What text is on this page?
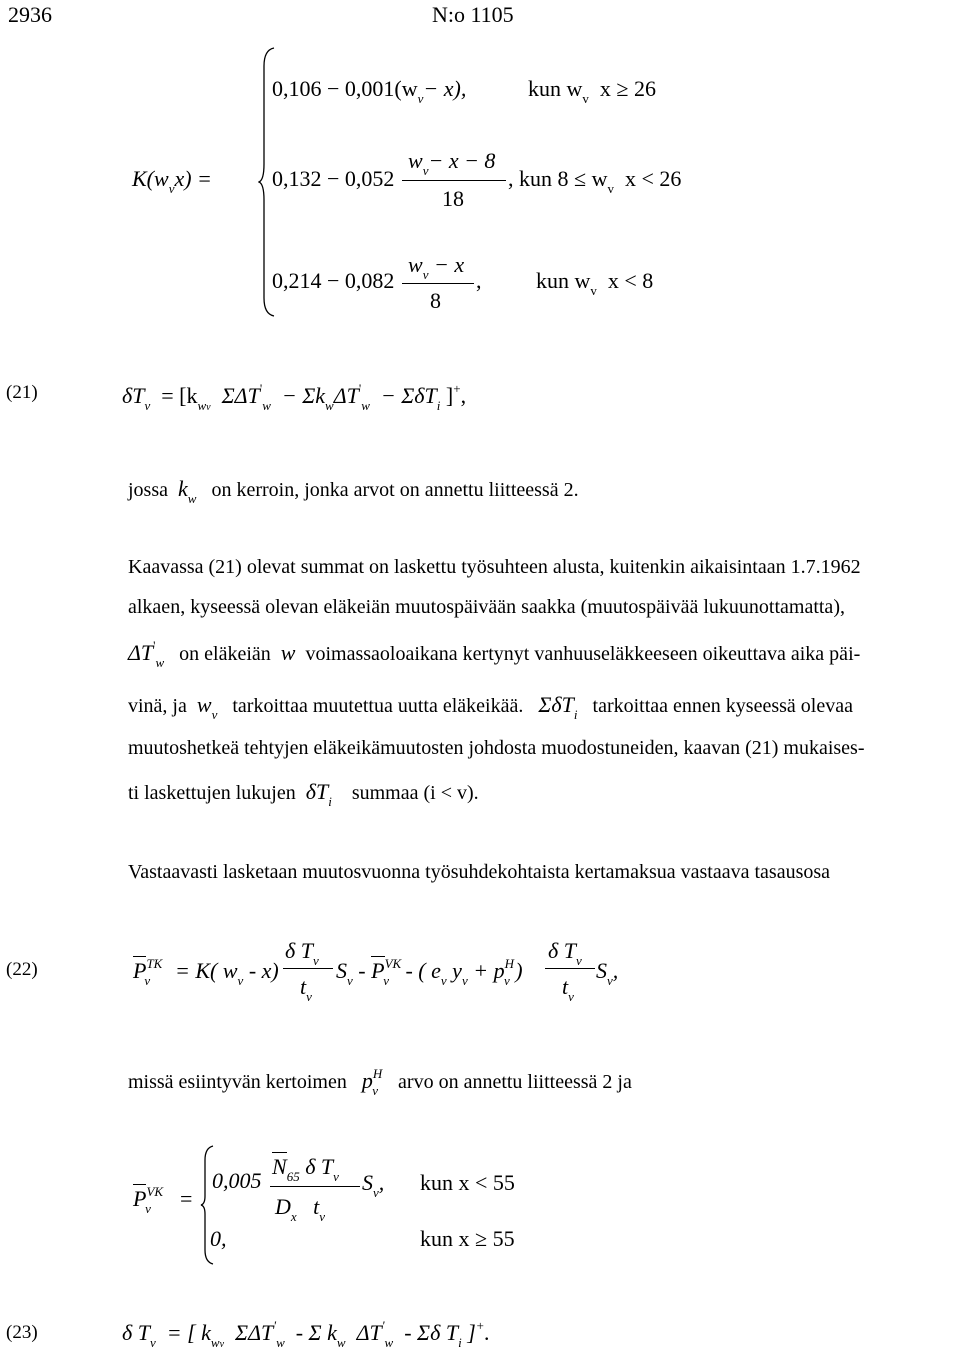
2936	N:o 1105
$K(w_vx)$ =
$0,106 - 0,001(w_v- x)$,	kun $w_v$ x ≥ 26
0,132 − 0,052
$w_v- x - 8$
18
, kun $8 \le w_v$ x < 26
0,214 − 0,082
$w_v - x$
8
, kun $w_v$ x < 8
(21)	$\delta T_v = [k_{wv}$ $\Sigma\Delta T'_w - \Sigma k_w\Delta T'_w - \Sigma\delta T_i$ ]+,
jossa $k_w$ on kerroin, jonka arvot on annettu liitteessä 2.
Kaavassa (21) olevat summat on laskettu työsuhteen alusta, kuitenkin aikaisintaan 1.7.1962
alkaen, kyseessä olevan eläkeiän muutospäivään saakka (muutospäivää lukuunottamatta),
$\Delta T'_w$ on eläkeiän w voimassaoloaikana kertynyt vanhuuseläkkeeseen oikeuttava aika päi-
vinä, ja $w_v$ tarkoittaa muutettua uutta eläkeikää. ΣδT$_i$ tarkoittaa ennen kyseessä olevaa
muutoshetkeä tehtyjen eläkeikämuutosten johdosta muodostuneiden, kaavan (21) mukaises-
ti laskettujen lukujen $\delta T_i$ summaa (i < v).
Vastaavasti lasketaan muutosvuonna työsuhdekohtaista kertamaksua vastaava tasausosa
(22)	$P^{TK}_v = K$( $w_v - x$)
δ $T_v$
$t_v$
$S_v - P^{VK}_v$ - ( $e_v$ $y_v + p^H_v$ )
δ $T_v$
$t_v$
$S_v$,
missä esiintyvän kertoimen $p^H_v$ arvo on annettu liitteessä 2 ja
$P^{VK}_v$ =
0,005
$N_{65}$ δ $T_v$
$D_x$ $t_v$
$S_v$, kun x < 55
0,	kun x ≥ 55
(23)	δ $T_v$ = [ $k_{wv}$ $\Sigma\Delta T'_w$ - Σ $k_w$ $\Delta T'_w$ - Σδ $T_i$ ]+.
